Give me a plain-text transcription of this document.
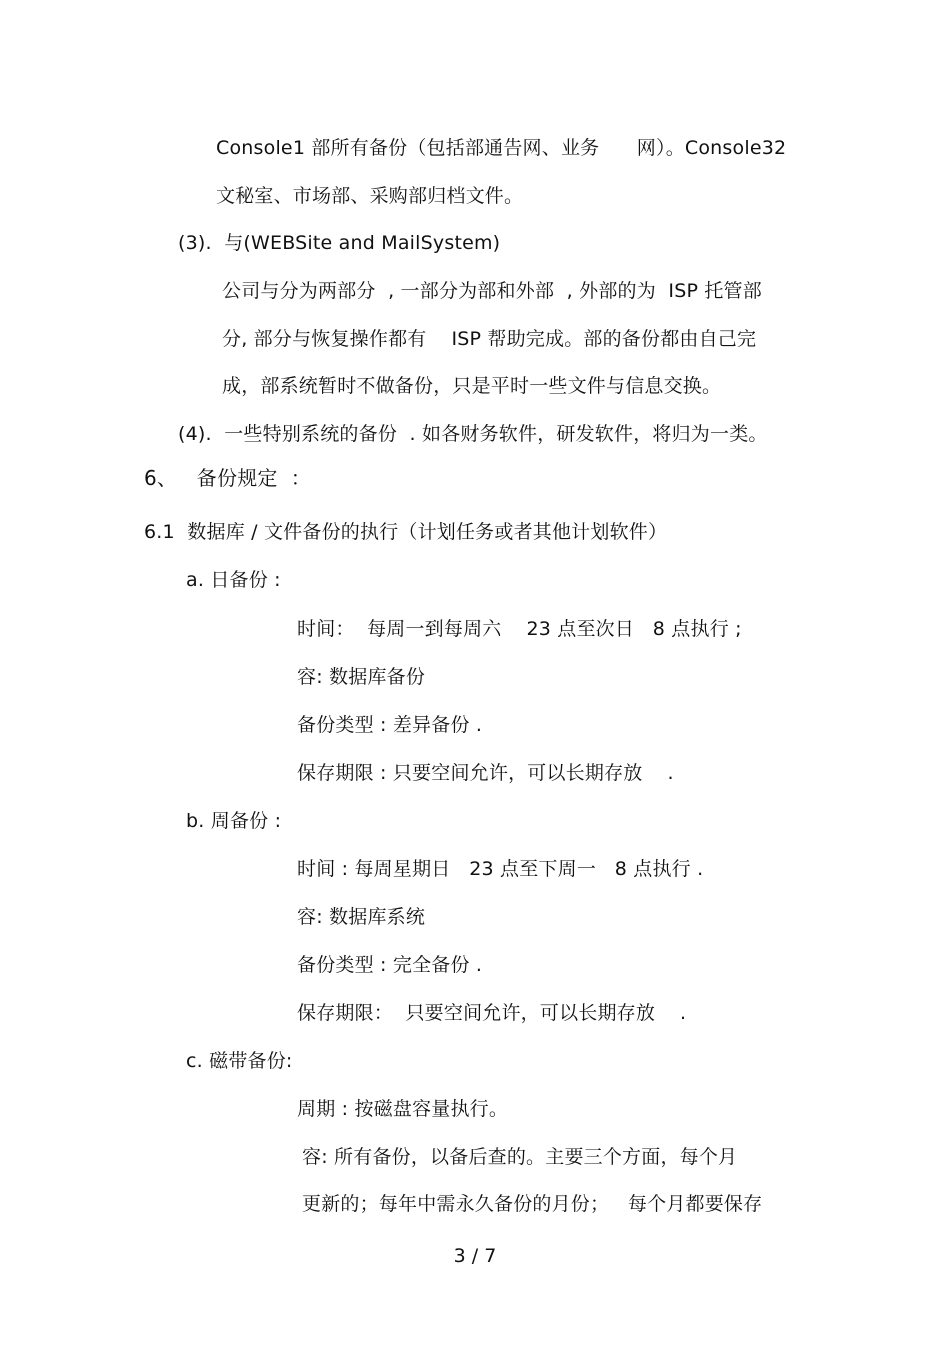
Console1 部所有备份（包括部通告网、业务      网）。Console32
文秘室、市场部、采购部归档文件。
(3).  与(WEBSite and MailSystem)
公司与分为两部分  , 一部分为部和外部  , 外部的为  ISP 托管部
分, 部分与恢复操作都有    ISP 帮助完成。部的备份都由自己完
成，部系统暂时不做备份，只是平时一些文件与信息交换。
(4).  一些特别系统的备份  . 如各财务软件，研发软件，将归为一类。
6、   备份规定  ：
6.1  数据库 / 文件备份的执行（计划任务或者其他计划软件）
a. 日备份 :
时间：  每周一到每周六    23 点至次日   8 点执行 ;
容: 数据库备份
备份类型 : 差异备份 .
保存期限 : 只要空间允许，可以长期存放    .
b. 周备份 :
时间 : 每周星期日   23 点至下周一   8 点执行 .
容: 数据库系统
备份类型 : 完全备份 .
保存期限：  只要空间允许，可以长期存放    .
c. 磁带备份:
周期 : 按磁盘容量执行。
容: 所有备份，以备后查的。主要三个方面，每个月
更新的；每年中需永久备份的月份；   每个月都要保存
3 / 7
